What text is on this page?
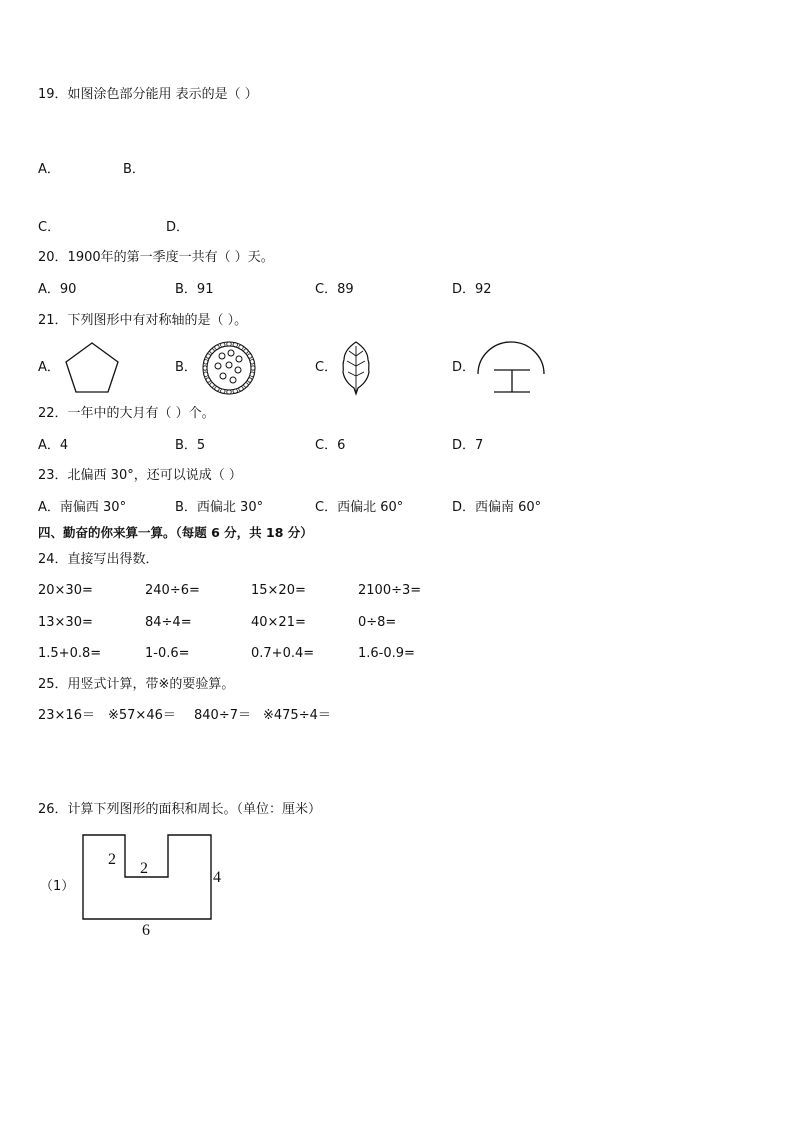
19．如图涂色部分能用 表示的是（ ）
A．	B．
C．	D．
20．1900年的第一季度一共有（ ）天。
A．90	B．91	C．89	D．92
21．下列图形中有对称轴的是（ ）。
A．	B．	C．	D．
22．一年中的大月有（ ）个。
A．4	B．5	C．6	D．7
23．北偏西 30°，还可以说成（ ）
A．南偏西 30°	B．西偏北 30°	C．西偏北 60°	D．西偏南 60°
四、勤奋的你来算一算。（每题 6 分，共 18 分）
24．直接写出得数．
20×30=	240÷6=	15×20=	2100÷3=
13×30=	84÷4=	40×21=	0÷8=
1.5+0.8=	1-0.6=	0.7+0.4=	1.6-0.9=
25．用竖式计算，带※的要验算。
23×16＝ ※57×46＝ 840÷7＝ ※475÷4＝
26．计算下列图形的面积和周长。（单位：厘米）
（1）
2
2
4
6
